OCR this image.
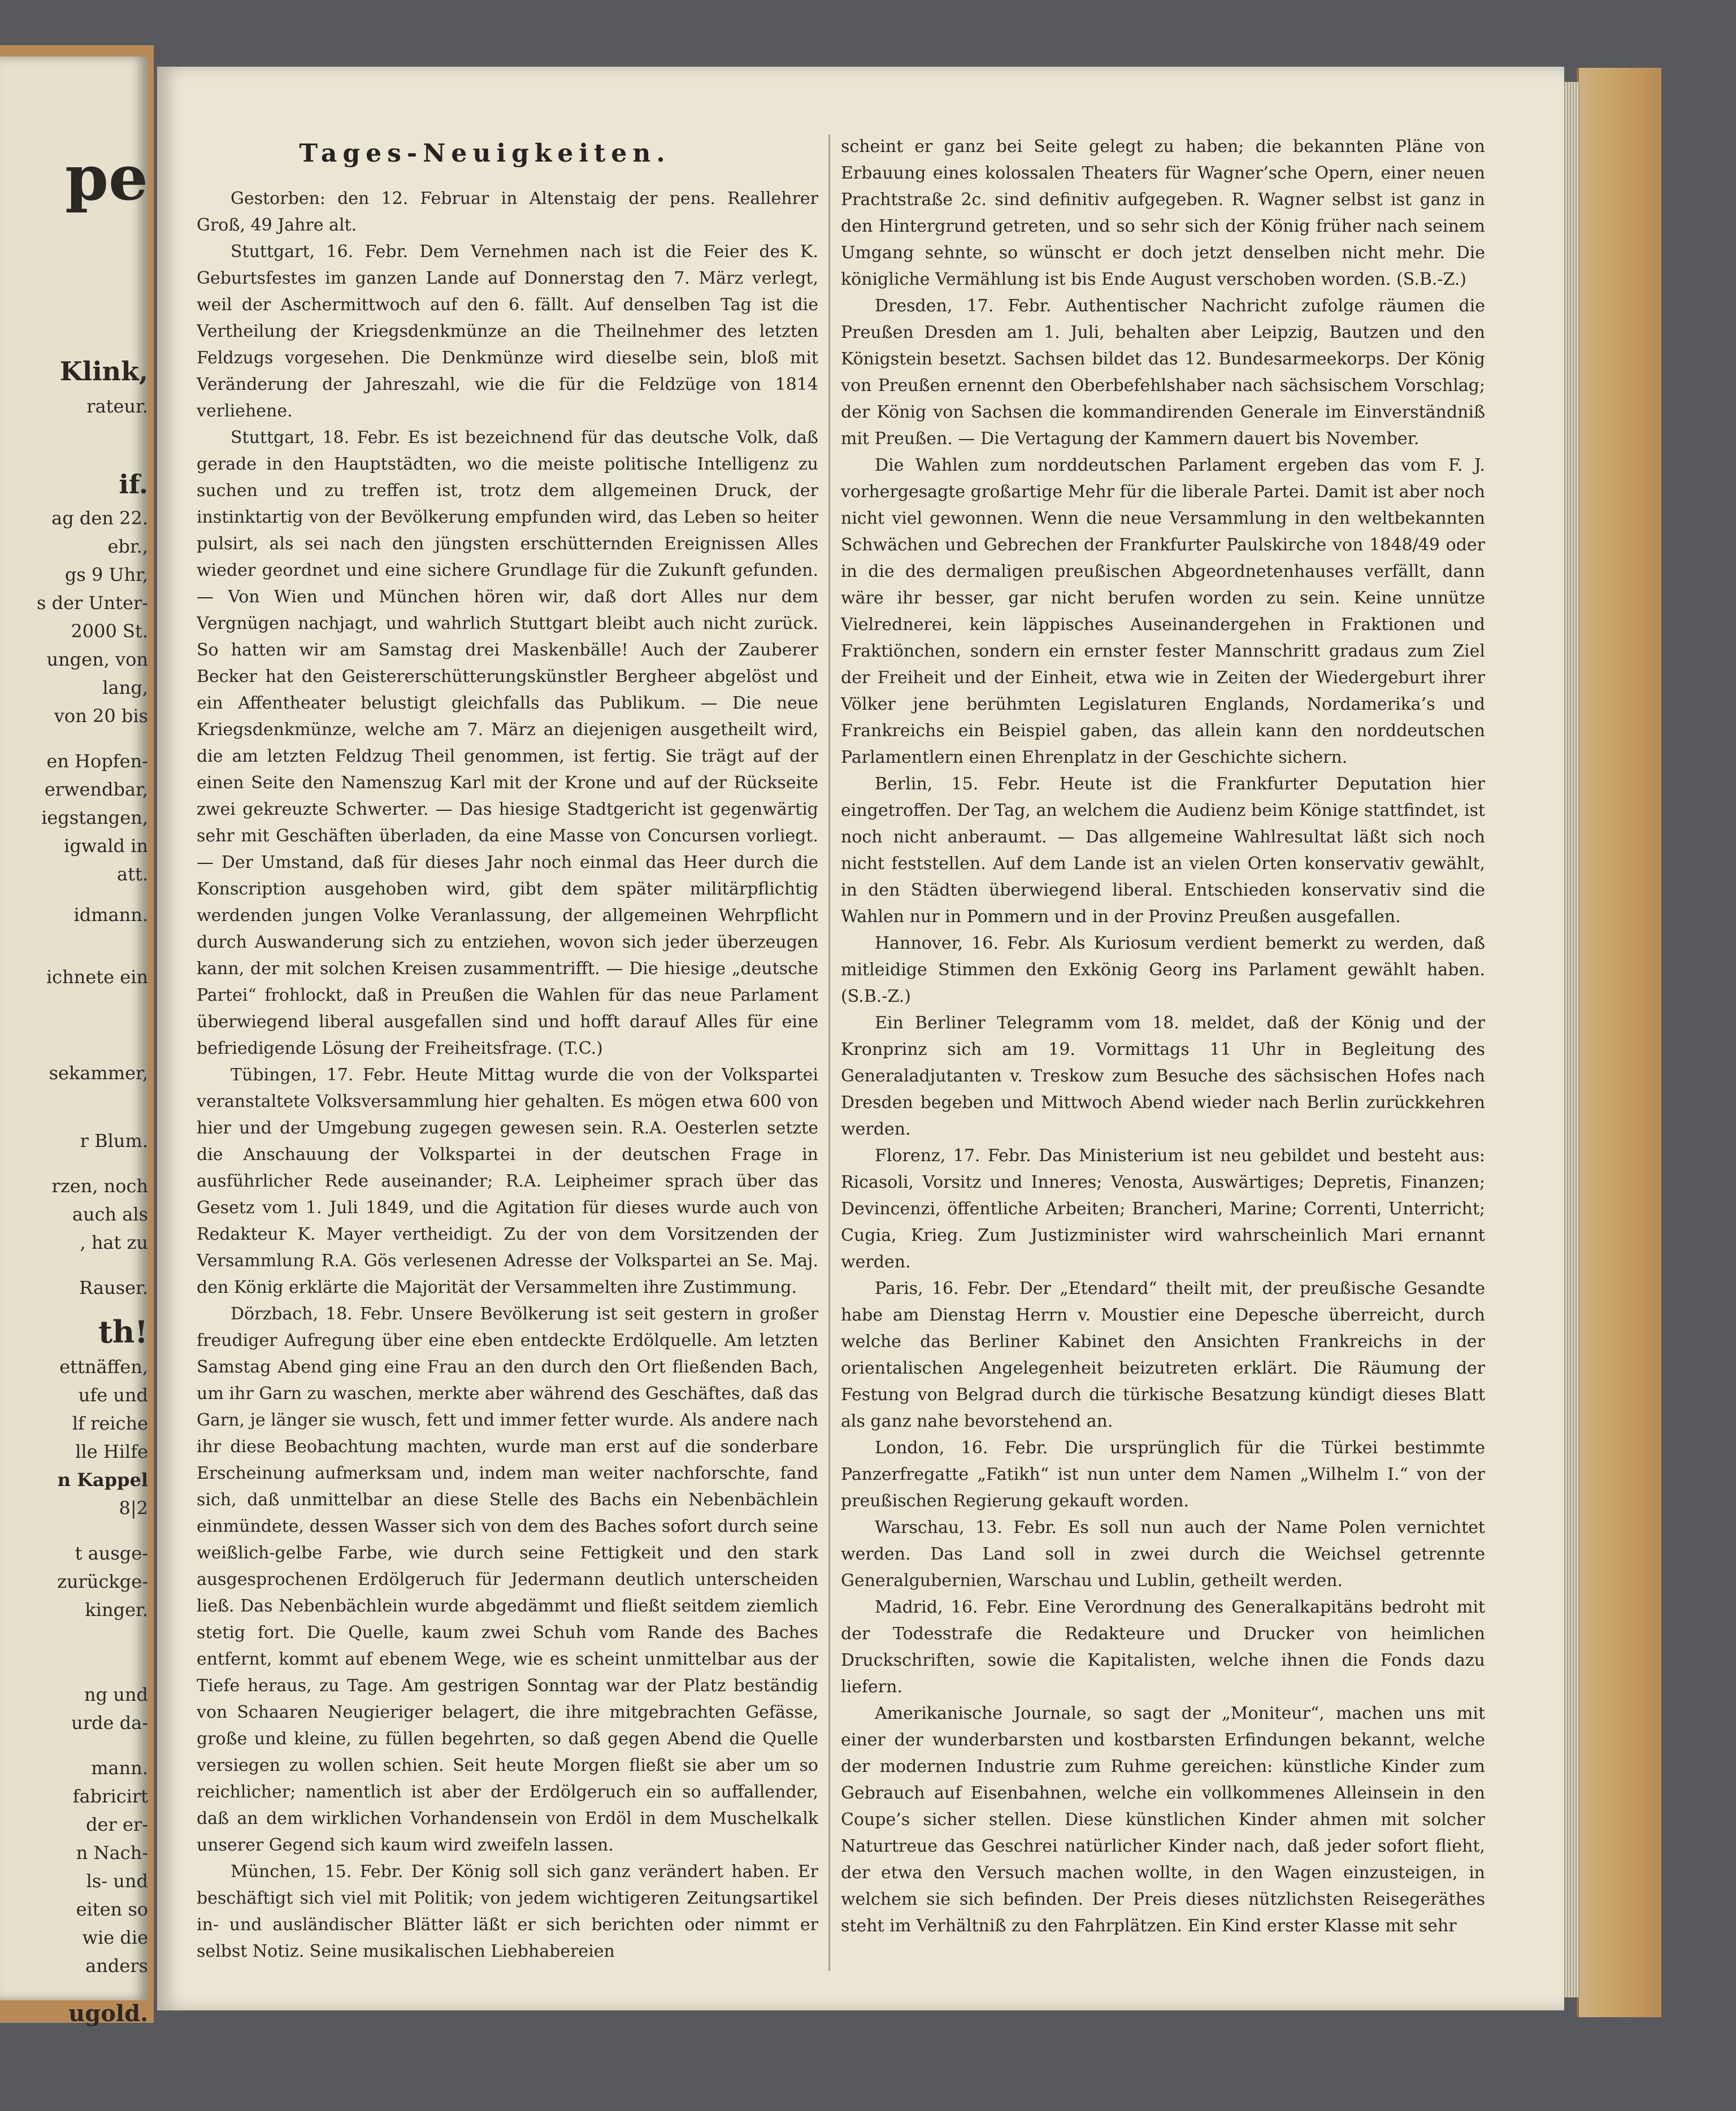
pe
Klink,
rateur.
if.
ag den 22.
ebr.,
gs 9 Uhr,
s der Unter-
2000 St.
ungen, von
lang,
von 20 bis
en Hopfen-
erwendbar,
iegstangen,
igwald in
att.
idmann.
ichnete ein
sekammer,
r Blum.
rzen, noch
auch als
, hat zu
Rauser.
th!
ettnäffen,
ufe und
lf reiche
lle Hilfe
n Kappel
8|2
t ausge-
zurückge-
kinger.
ng und
urde da-
mann.
fabricirt
der er-
n Nach-
ls- und
eiten so
wie die
anders
ugold.
Tages-Neuigkeiten.

Gestorben: den 12. Februar in Altenstaig der pens. Reallehrer Groß, 49 Jahre alt.

Stuttgart, 16. Febr. Dem Vernehmen nach ist die Feier des K. Geburtsfestes im ganzen Lande auf Donnerstag den 7. März verlegt, weil der Aschermittwoch auf den 6. fällt. Auf denselben Tag ist die Vertheilung der Kriegsdenkmünze an die Theilnehmer des letzten Feldzugs vorgesehen. Die Denkmünze wird dieselbe sein, bloß mit Veränderung der Jahreszahl, wie die für die Feldzüge von 1814 verliehene.

Stuttgart, 18. Febr. Es ist bezeichnend für das deutsche Volk, daß gerade in den Hauptstädten, wo die meiste politische Intelligenz zu suchen und zu treffen ist, trotz dem allgemeinen Druck, der instinktartig von der Bevölkerung empfunden wird, das Leben so heiter pulsirt, als sei nach den jüngsten erschütternden Ereignissen Alles wieder geordnet und eine sichere Grundlage für die Zukunft gefunden. — Von Wien und München hören wir, daß dort Alles nur dem Vergnügen nachjagt, und wahrlich Stuttgart bleibt auch nicht zurück. So hatten wir am Samstag drei Maskenbälle! Auch der Zauberer Becker hat den Geistererschütterungskünstler Bergheer abgelöst und ein Affentheater belustigt gleichfalls das Publikum. — Die neue Kriegsdenkmünze, welche am 7. März an diejenigen ausgetheilt wird, die am letzten Feldzug Theil genommen, ist fertig. Sie trägt auf der einen Seite den Namenszug Karl mit der Krone und auf der Rückseite zwei gekreuzte Schwerter. — Das hiesige Stadtgericht ist gegenwärtig sehr mit Geschäften überladen, da eine Masse von Concursen vorliegt. — Der Umstand, daß für dieses Jahr noch einmal das Heer durch die Konscription ausgehoben wird, gibt dem später militärpflichtig werdenden jungen Volke Veranlassung, der allgemeinen Wehrpflicht durch Auswanderung sich zu entziehen, wovon sich jeder überzeugen kann, der mit solchen Kreisen zusammentrifft. — Die hiesige „deutsche Partei“ frohlockt, daß in Preußen die Wahlen für das neue Parlament überwiegend liberal ausgefallen sind und hofft darauf Alles für eine befriedigende Lösung der Freiheitsfrage. (T.C.)

Tübingen, 17. Febr. Heute Mittag wurde die von der Volkspartei veranstaltete Volksversammlung hier gehalten. Es mögen etwa 600 von hier und der Umgebung zugegen gewesen sein. R.A. Oesterlen setzte die Anschauung der Volkspartei in der deutschen Frage in ausführlicher Rede auseinander; R.A. Leipheimer sprach über das Gesetz vom 1. Juli 1849, und die Agitation für dieses wurde auch von Redakteur K. Mayer vertheidigt. Zu der von dem Vorsitzenden der Versammlung R.A. Gös verlesenen Adresse der Volkspartei an Se. Maj. den König erklärte die Majorität der Versammelten ihre Zustimmung.

Dörzbach, 18. Febr. Unsere Bevölkerung ist seit gestern in großer freudiger Aufregung über eine eben entdeckte Erdölquelle. Am letzten Samstag Abend ging eine Frau an den durch den Ort fließenden Bach, um ihr Garn zu waschen, merkte aber während des Geschäftes, daß das Garn, je länger sie wusch, fett und immer fetter wurde. Als andere nach ihr diese Beobachtung machten, wurde man erst auf die sonderbare Erscheinung aufmerksam und, indem man weiter nachforschte, fand sich, daß unmittelbar an diese Stelle des Bachs ein Nebenbächlein einmündete, dessen Wasser sich von dem des Baches sofort durch seine weißlich-gelbe Farbe, wie durch seine Fettigkeit und den stark ausgesprochenen Erdölgeruch für Jedermann deutlich unterscheiden ließ. Das Nebenbächlein wurde abgedämmt und fließt seitdem ziemlich stetig fort. Die Quelle, kaum zwei Schuh vom Rande des Baches entfernt, kommt auf ebenem Wege, wie es scheint unmittelbar aus der Tiefe heraus, zu Tage. Am gestrigen Sonntag war der Platz beständig von Schaaren Neugieriger belagert, die ihre mitgebrachten Gefässe, große und kleine, zu füllen begehrten, so daß gegen Abend die Quelle versiegen zu wollen schien. Seit heute Morgen fließt sie aber um so reichlicher; namentlich ist aber der Erdölgeruch ein so auffallender, daß an dem wirklichen Vorhandensein von Erdöl in dem Muschelkalk unserer Gegend sich kaum wird zweifeln lassen.

München, 15. Febr. Der König soll sich ganz verändert haben. Er beschäftigt sich viel mit Politik; von jedem wichtigeren Zeitungsartikel in- und ausländischer Blätter läßt er sich berichten oder nimmt er selbst Notiz. Seine musikalischen Liebhabereien

scheint er ganz bei Seite gelegt zu haben; die bekannten Pläne von Erbauung eines kolossalen Theaters für Wagner’sche Opern, einer neuen Prachtstraße 2c. sind definitiv aufgegeben. R. Wagner selbst ist ganz in den Hintergrund getreten, und so sehr sich der König früher nach seinem Umgang sehnte, so wünscht er doch jetzt denselben nicht mehr. Die königliche Vermählung ist bis Ende August verschoben worden. (S.B.-Z.)

Dresden, 17. Febr. Authentischer Nachricht zufolge räumen die Preußen Dresden am 1. Juli, behalten aber Leipzig, Bautzen und den Königstein besetzt. Sachsen bildet das 12. Bundesarmeekorps. Der König von Preußen ernennt den Oberbefehlshaber nach sächsischem Vorschlag; der König von Sachsen die kommandirenden Generale im Einverständniß mit Preußen. — Die Vertagung der Kammern dauert bis November.

Die Wahlen zum norddeutschen Parlament ergeben das vom F. J. vorhergesagte großartige Mehr für die liberale Partei. Damit ist aber noch nicht viel gewonnen. Wenn die neue Versammlung in den weltbekannten Schwächen und Gebrechen der Frankfurter Paulskirche von 1848/49 oder in die des dermaligen preußischen Abgeordnetenhauses verfällt, dann wäre ihr besser, gar nicht berufen worden zu sein. Keine unnütze Vielrednerei, kein läppisches Auseinandergehen in Fraktionen und Fraktiönchen, sondern ein ernster fester Mannschritt gradaus zum Ziel der Freiheit und der Einheit, etwa wie in Zeiten der Wiedergeburt ihrer Völker jene berühmten Legislaturen Englands, Nordamerika’s und Frankreichs ein Beispiel gaben, das allein kann den norddeutschen Parlamentlern einen Ehrenplatz in der Geschichte sichern.

Berlin, 15. Febr. Heute ist die Frankfurter Deputation hier eingetroffen. Der Tag, an welchem die Audienz beim Könige stattfindet, ist noch nicht anberaumt. — Das allgemeine Wahlresultat läßt sich noch nicht feststellen. Auf dem Lande ist an vielen Orten konservativ gewählt, in den Städten überwiegend liberal. Entschieden konservativ sind die Wahlen nur in Pommern und in der Provinz Preußen ausgefallen.

Hannover, 16. Febr. Als Kuriosum verdient bemerkt zu werden, daß mitleidige Stimmen den Exkönig Georg ins Parlament gewählt haben. (S.B.-Z.)

Ein Berliner Telegramm vom 18. meldet, daß der König und der Kronprinz sich am 19. Vormittags 11 Uhr in Begleitung des Generaladjutanten v. Treskow zum Besuche des sächsischen Hofes nach Dresden begeben und Mittwoch Abend wieder nach Berlin zurückkehren werden.

Florenz, 17. Febr. Das Ministerium ist neu gebildet und besteht aus: Ricasoli, Vorsitz und Inneres; Venosta, Auswärtiges; Depretis, Finanzen; Devincenzi, öffentliche Arbeiten; Brancheri, Marine; Correnti, Unterricht; Cugia, Krieg. Zum Justizminister wird wahrscheinlich Mari ernannt werden.

Paris, 16. Febr. Der „Etendard“ theilt mit, der preußische Gesandte habe am Dienstag Herrn v. Moustier eine Depesche überreicht, durch welche das Berliner Kabinet den Ansichten Frankreichs in der orientalischen Angelegenheit beizutreten erklärt. Die Räumung der Festung von Belgrad durch die türkische Besatzung kündigt dieses Blatt als ganz nahe bevorstehend an.

London, 16. Febr. Die ursprünglich für die Türkei bestimmte Panzerfregatte „Fatikh“ ist nun unter dem Namen „Wilhelm I.“ von der preußischen Regierung gekauft worden.

Warschau, 13. Febr. Es soll nun auch der Name Polen vernichtet werden. Das Land soll in zwei durch die Weichsel getrennte Generalgubernien, Warschau und Lublin, getheilt werden.

Madrid, 16. Febr. Eine Verordnung des Generalkapitäns bedroht mit der Todesstrafe die Redakteure und Drucker von heimlichen Druckschriften, sowie die Kapitalisten, welche ihnen die Fonds dazu liefern.

Amerikanische Journale, so sagt der „Moniteur“, machen uns mit einer der wunderbarsten und kostbarsten Erfindungen bekannt, welche der modernen Industrie zum Ruhme gereichen: künstliche Kinder zum Gebrauch auf Eisenbahnen, welche ein vollkommenes Alleinsein in den Coupe’s sicher stellen. Diese künstlichen Kinder ahmen mit solcher Naturtreue das Geschrei natürlicher Kinder nach, daß jeder sofort flieht, der etwa den Versuch machen wollte, in den Wagen einzusteigen, in welchem sie sich befinden. Der Preis dieses nützlichsten Reisegeräthes steht im Verhältniß zu den Fahrplätzen. Ein Kind erster Klasse mit sehr
